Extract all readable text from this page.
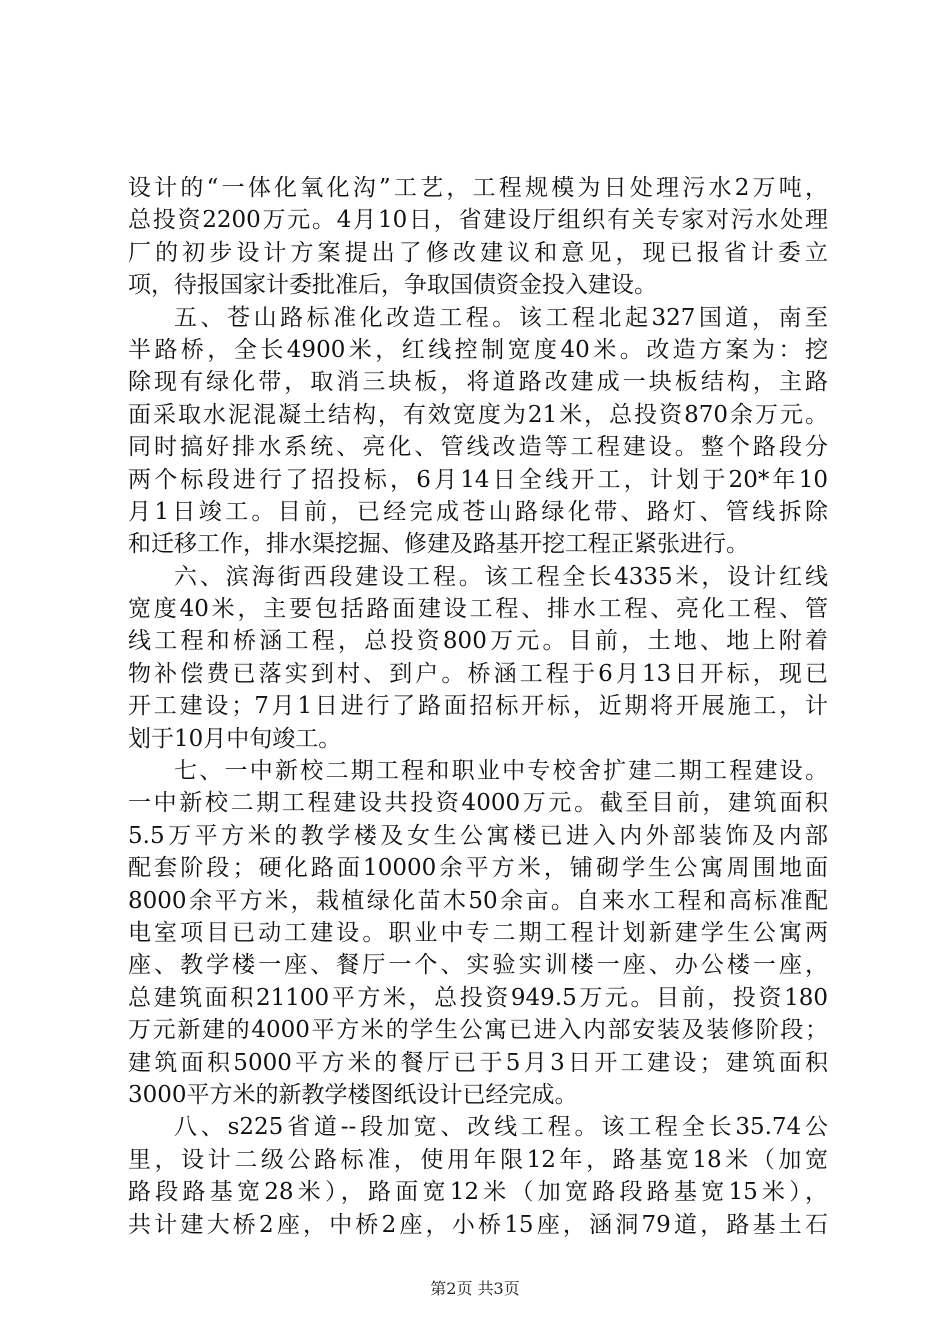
设计的“一体化氧化沟”工艺，工程规模为日处理污水2万吨，
总投资2200万元。4月10日，省建设厅组织有关专家对污水处理
厂的初步设计方案提出了修改建议和意见，现已报省计委立
项，待报国家计委批准后，争取国债资金投入建设。
五、苍山路标准化改造工程。该工程北起327国道，南至
半路桥，全长4900米，红线控制宽度40米。改造方案为：挖
除现有绿化带，取消三块板，将道路改建成一块板结构，主路
面采取水泥混凝土结构，有效宽度为21米，总投资870余万元。
同时搞好排水系统、亮化、管线改造等工程建设。整个路段分
两个标段进行了招投标，6月14日全线开工，计划于20*年10
月1日竣工。目前，已经完成苍山路绿化带、路灯、管线拆除
和迁移工作，排水渠挖掘、修建及路基开挖工程正紧张进行。
六、滨海街西段建设工程。该工程全长4335米，设计红线
宽度40米，主要包括路面建设工程、排水工程、亮化工程、管
线工程和桥涵工程，总投资800万元。目前，土地、地上附着
物补偿费已落实到村、到户。桥涵工程于6月13日开标，现已
开工建设；7月1日进行了路面招标开标，近期将开展施工，计
划于10月中旬竣工。
七、一中新校二期工程和职业中专校舍扩建二期工程建设。
一中新校二期工程建设共投资4000万元。截至目前，建筑面积
5.5万平方米的教学楼及女生公寓楼已进入内外部装饰及内部
配套阶段；硬化路面10000余平方米，铺砌学生公寓周围地面
8000余平方米，栽植绿化苗木50余亩。自来水工程和高标准配
电室项目已动工建设。职业中专二期工程计划新建学生公寓两
座、教学楼一座、餐厅一个、实验实训楼一座、办公楼一座，
总建筑面积21100平方米，总投资949.5万元。目前，投资180
万元新建的4000平方米的学生公寓已进入内部安装及装修阶段；
建筑面积5000平方米的餐厅已于5月3日开工建设；建筑面积
3000平方米的新教学楼图纸设计已经完成。
八、s225省道--段加宽、改线工程。该工程全长35.74公
里，设计二级公路标准，使用年限12年，路基宽18米（加宽
路段路基宽28米），路面宽12米（加宽路段路基宽15米），
共计建大桥2座，中桥2座，小桥15座，涵洞79道，路基土石
第2页 共3页
